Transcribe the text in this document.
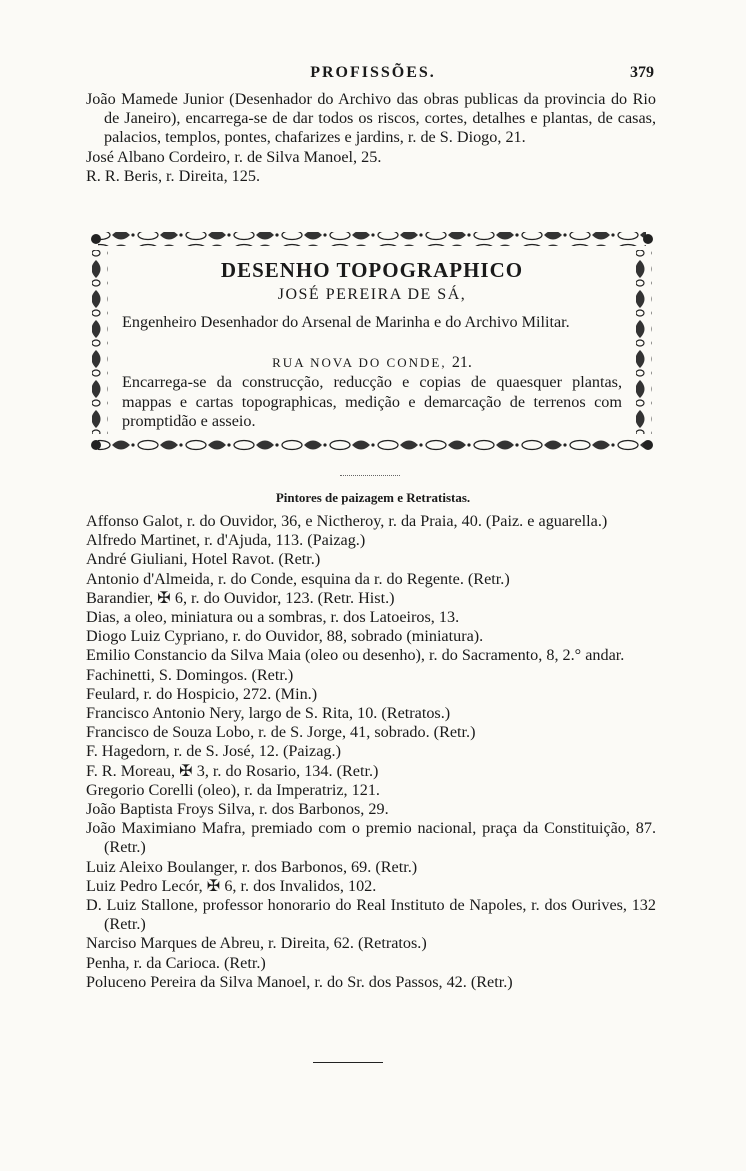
PROFISSÕES.	379
João Mamede Junior (Desenhador do Archivo das obras publicas da provincia do Rio de Janeiro), encarrega-se de dar todos os riscos, cortes, detalhes e plantas, de casas, palacios, templos, pontes, chafarizes e jardins, r. de S. Diogo, 21.
José Albano Cordeiro, r. de Silva Manoel, 25.
R. R. Beris, r. Direita, 125.
DESENHO TOPOGRAPHICO
JOSÉ PEREIRA DE SÁ,
Engenheiro Desenhador do Arsenal de Marinha e do Archivo Militar.
RUA NOVA DO CONDE, 21.
Encarrega-se da construcção, reducção e copias de quaesquer plantas, mappas e cartas topographicas, medição e demarcação de terrenos com promptidão e asseio.
Pintores de paizagem e Retratistas.
Affonso Galot, r. do Ouvidor, 36, e Nictheroy, r. da Praia, 40. (Paiz. e aguarella.)
Alfredo Martinet, r. d'Ajuda, 113. (Paizag.)
André Giuliani, Hotel Ravot. (Retr.)
Antonio d'Almeida, r. do Conde, esquina da r. do Regente. (Retr.)
Barandier, ✠ 6, r. do Ouvidor, 123. (Retr. Hist.)
Dias, a oleo, miniatura ou a sombras, r. dos Latoeiros, 13.
Diogo Luiz Cypriano, r. do Ouvidor, 88, sobrado (miniatura).
Emilio Constancio da Silva Maia (oleo ou desenho), r. do Sacramento, 8, 2.° andar.
Fachinetti, S. Domingos. (Retr.)
Feulard, r. do Hospicio, 272. (Min.)
Francisco Antonio Nery, largo de S. Rita, 10. (Retratos.)
Francisco de Souza Lobo, r. de S. Jorge, 41, sobrado. (Retr.)
F. Hagedorn, r. de S. José, 12. (Paizag.)
F. R. Moreau, ✠ 3, r. do Rosario, 134. (Retr.)
Gregorio Corelli (oleo), r. da Imperatriz, 121.
João Baptista Froys Silva, r. dos Barbonos, 29.
João Maximiano Mafra, premiado com o premio nacional, praça da Constituição, 87. (Retr.)
Luiz Aleixo Boulanger, r. dos Barbonos, 69. (Retr.)
Luiz Pedro Lecór, ✠ 6, r. dos Invalidos, 102.
D. Luiz Stallone, professor honorario do Real Instituto de Napoles, r. dos Ourives, 132 (Retr.)
Narciso Marques de Abreu, r. Direita, 62. (Retratos.)
Penha, r. da Carioca. (Retr.)
Poluceno Pereira da Silva Manoel, r. do Sr. dos Passos, 42. (Retr.)
